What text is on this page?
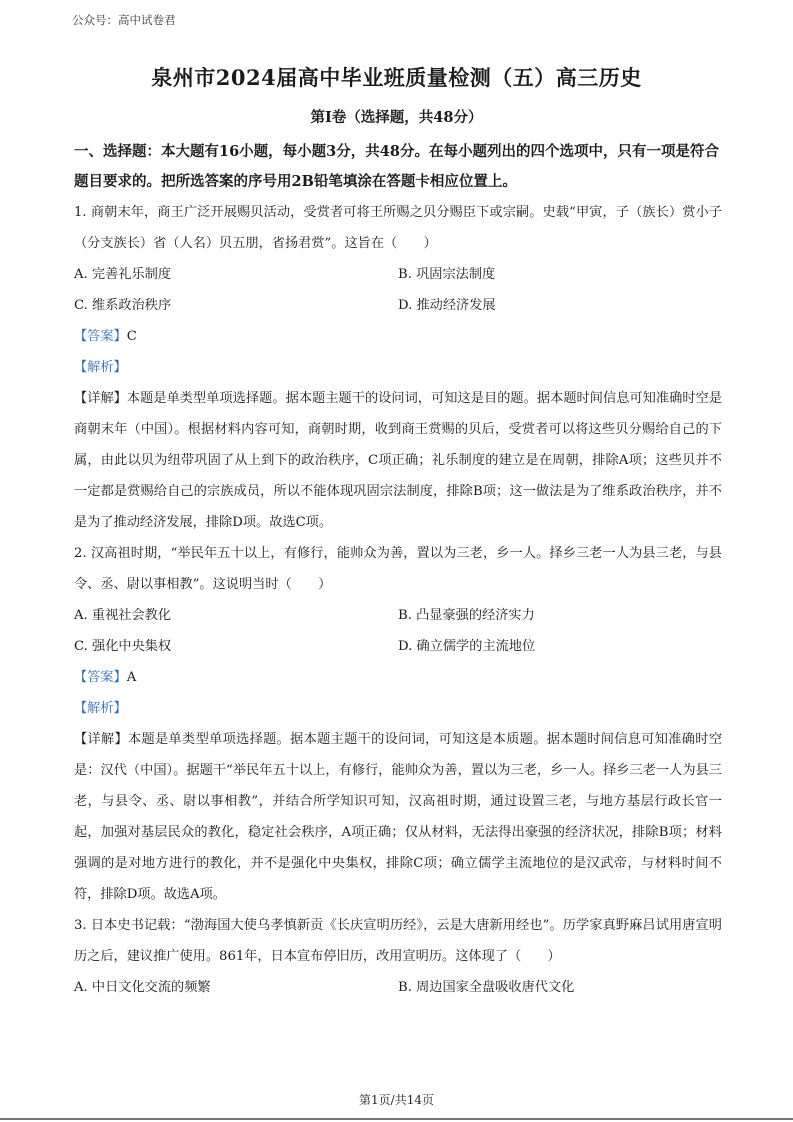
公众号：高中试卷君
泉州市2024届高中毕业班质量检测（五）高三历史
第I卷（选择题，共48分）

一、选择题：本大题有16小题，每小题3分，共48分。在每小题列出的四个选项中，只有一项是符合题目要求的。把所选答案的序号用2B铅笔填涂在答题卡相应位置上。

1. 商朝末年，商王广泛开展赐贝活动，受赏者可将王所赐之贝分赐臣下或宗嗣。史载“甲寅，子（族长）赏小子（分支族长）省（人名）贝五朋，省扬君赏”。这旨在（　　）

A. 完善礼乐制度	B. 巩固宗法制度
C. 维系政治秩序	D. 推动经济发展
【答案】C
【解析】

【详解】本题是单类型单项选择题。据本题主题干的设问词，可知这是目的题。据本题时间信息可知准确时空是商朝末年（中国）。根据材料内容可知，商朝时期，收到商王赏赐的贝后，受赏者可以将这些贝分赐给自己的下属，由此以贝为纽带巩固了从上到下的政治秩序，C项正确；礼乐制度的建立是在周朝，排除A项；这些贝并不一定都是赏赐给自己的宗族成员，所以不能体现巩固宗法制度，排除B项；这一做法是为了维系政治秩序，并不是为了推动经济发展，排除D项。故选C项。

2. 汉高祖时期，“举民年五十以上，有修行，能帅众为善，置以为三老，乡一人。择乡三老一人为县三老，与县令、丞、尉以事相教”。这说明当时（　　）

A. 重视社会教化	B. 凸显豪强的经济实力
C. 强化中央集权	D. 确立儒学的主流地位
【答案】A
【解析】

【详解】本题是单类型单项选择题。据本题主题干的设问词，可知这是本质题。据本题时间信息可知准确时空是：汉代（中国）。据题干“举民年五十以上，有修行，能帅众为善，置以为三老，乡一人。择乡三老一人为县三老，与县令、丞、尉以事相教”，并结合所学知识可知，汉高祖时期，通过设置三老，与地方基层行政长官一起，加强对基层民众的教化，稳定社会秩序，A项正确；仅从材料，无法得出豪强的经济状况，排除B项；材料强调的是对地方进行的教化，并不是强化中央集权，排除C项；确立儒学主流地位的是汉武帝，与材料时间不符，排除D项。故选A项。

3. 日本史书记载：“渤海国大使乌孝慎新贡《长庆宣明历经》，云是大唐新用经也”。历学家真野麻吕试用唐宣明历之后，建议推广使用。861年，日本宣布停旧历，改用宣明历。这体现了（　　）

A. 中日文化交流的频繁	B. 周边国家全盘吸收唐代文化
第1页/共14页
